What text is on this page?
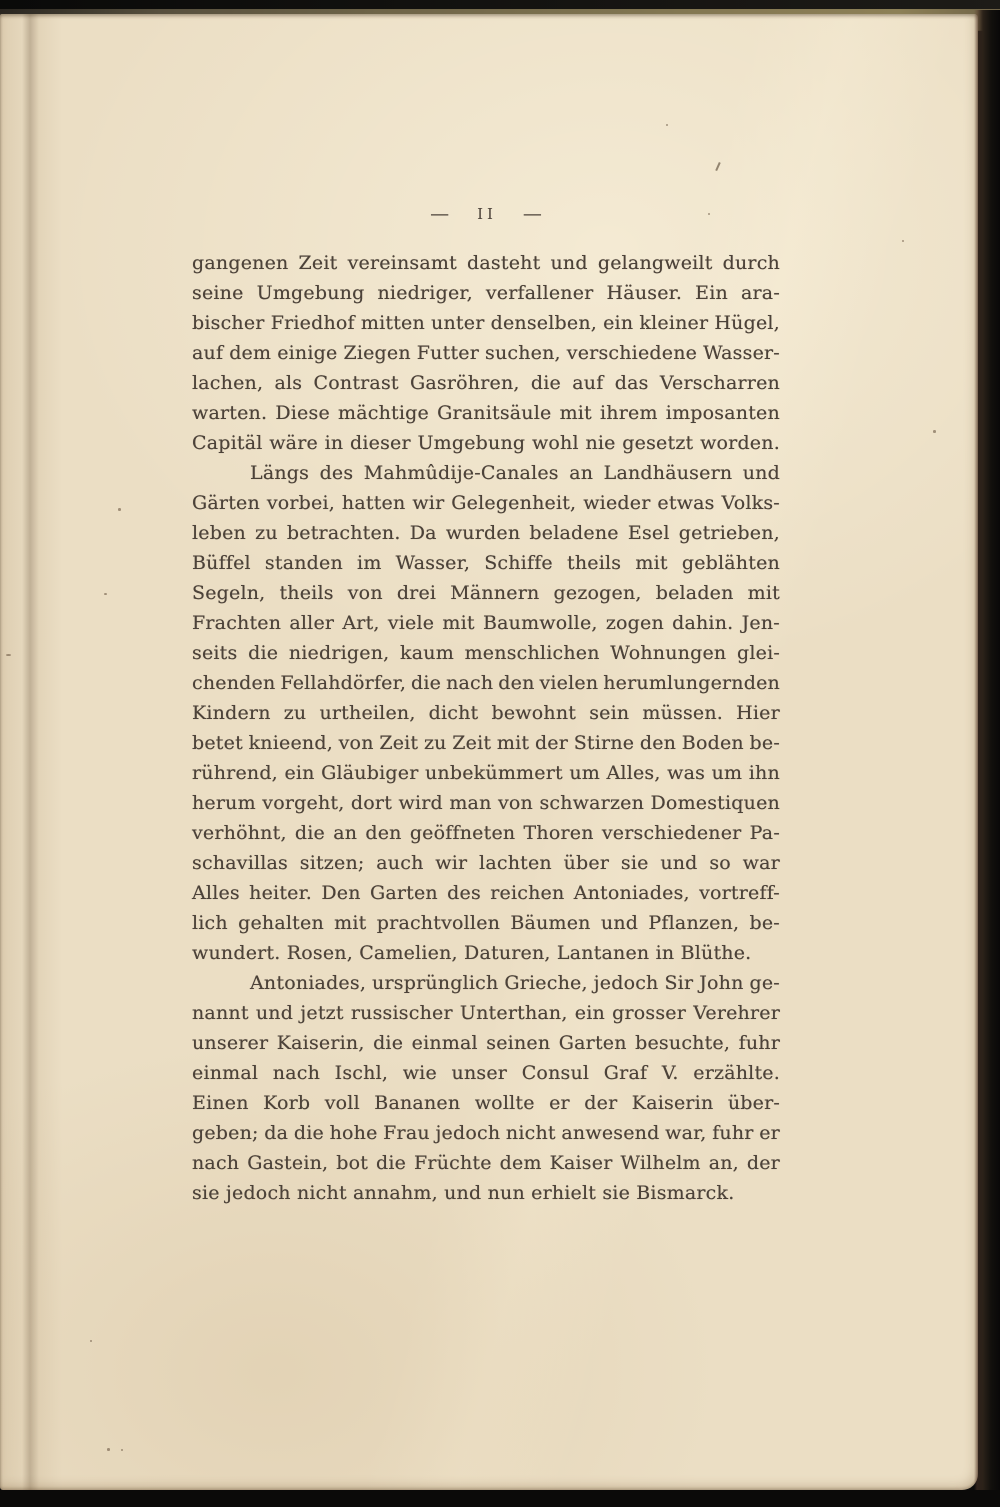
— II —
gangenen Zeit vereinsamt dasteht und gelangweilt durch
seine Umgebung niedriger, verfallener Häuser. Ein ara-
bischer Friedhof mitten unter denselben, ein kleiner Hügel,
auf dem einige Ziegen Futter suchen, verschiedene Wasser-
lachen, als Contrast Gasröhren, die auf das Verscharren
warten. Diese mächtige Granitsäule mit ihrem imposanten
Capitäl wäre in dieser Umgebung wohl nie gesetzt worden.
Längs des Mahmûdije-Canales an Landhäusern und
Gärten vorbei, hatten wir Gelegenheit, wieder etwas Volks-
leben zu betrachten. Da wurden beladene Esel getrieben,
Büffel standen im Wasser, Schiffe theils mit geblähten
Segeln, theils von drei Männern gezogen, beladen mit
Frachten aller Art, viele mit Baumwolle, zogen dahin. Jen-
seits die niedrigen, kaum menschlichen Wohnungen glei-
chenden Fellahdörfer, die nach den vielen herumlungernden
Kindern zu urtheilen, dicht bewohnt sein müssen. Hier
betet knieend, von Zeit zu Zeit mit der Stirne den Boden be-
rührend, ein Gläubiger unbekümmert um Alles, was um ihn
herum vorgeht, dort wird man von schwarzen Domestiquen
verhöhnt, die an den geöffneten Thoren verschiedener Pa-
schavillas sitzen; auch wir lachten über sie und so war
Alles heiter. Den Garten des reichen Antoniades, vortreff-
lich gehalten mit prachtvollen Bäumen und Pflanzen, be-
wundert. Rosen, Camelien, Daturen, Lantanen in Blüthe.
Antoniades, ursprünglich Grieche, jedoch Sir John ge-
nannt und jetzt russischer Unterthan, ein grosser Verehrer
unserer Kaiserin, die einmal seinen Garten besuchte, fuhr
einmal nach Ischl, wie unser Consul Graf V. erzählte.
Einen Korb voll Bananen wollte er der Kaiserin über-
geben; da die hohe Frau jedoch nicht anwesend war, fuhr er
nach Gastein, bot die Früchte dem Kaiser Wilhelm an, der
sie jedoch nicht annahm, und nun erhielt sie Bismarck.
